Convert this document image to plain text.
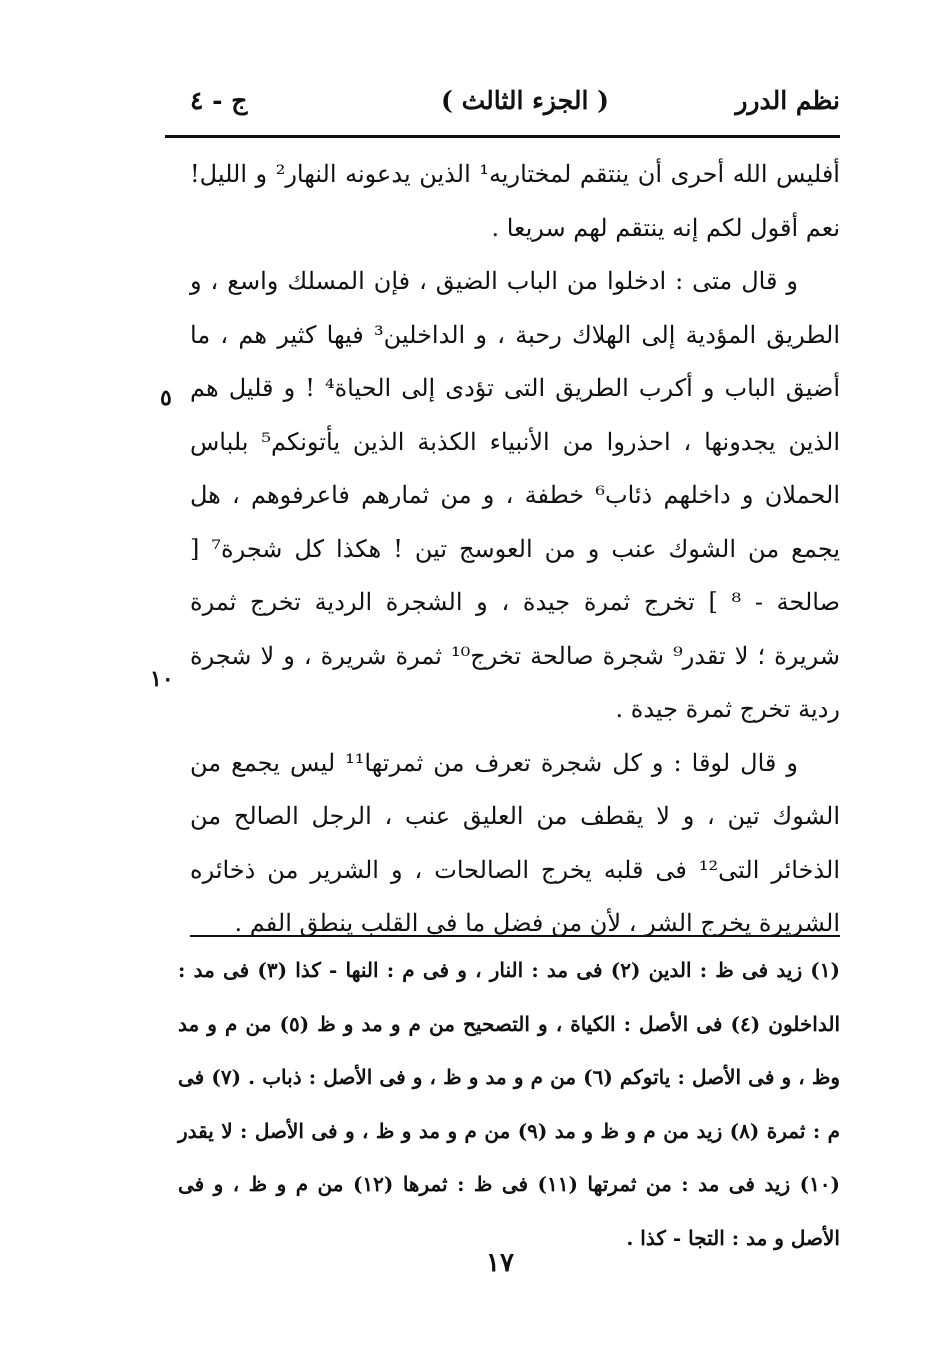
نظم الدرر
( الجزء الثالث )
ج - ٤
٥
١٠

أفليس الله أحرى أن ينتقم لمختاريه¹ الذين يدعونه النهار² و الليل! نعم أقول لكم إنه ينتقم لهم سريعا .

و قال متى : ادخلوا من الباب الضيق ، فإن المسلك واسع ، و الطريق المؤدية إلى الهلاك رحبة ، و الداخلين³ فيها كثير هم ، ما أضيق الباب و أكرب الطريق التى تؤدى إلى الحياة⁴ ! و قليل هم الذين يجدونها ، احذروا من الأنبياء الكذبة الذين يأتونكم⁵ بلباس الحملان و داخلهم ذئاب⁶ خطفة ، و من ثمارهم فاعرفوهم ، هل يجمع من الشوك عنب و من العوسج تين ! هكذا كل شجرة⁷ [ صالحة - ⁸ ] تخرج ثمرة جيدة ، و الشجرة الردية تخرج ثمرة شريرة ؛ لا تقدر⁹ شجرة صالحة تخرج¹⁰ ثمرة شريرة ، و لا شجرة ردية تخرج ثمرة جيدة .

و قال لوقا : و كل شجرة تعرف من ثمرتها¹¹ ليس يجمع من الشوك تين ، و لا يقطف من العليق عنب ، الرجل الصالح من الذخائر التى¹² فى قلبه يخرج الصالحات ، و الشرير من ذخائره الشريرة يخرج الشر ، لأن من فضل ما فى القلب ينطق الفم .

(١) زيد فى ظ : الدين (٢) فى مد : النار ، و فى م : النها - كذا (٣) فى مد : الداخلون (٤) فى الأصل : الكياة ، و التصحيح من م و مد و ظ (٥) من م و مد وظ ، و فى الأصل : ياتوكم (٦) من م و مد و ظ ، و فى الأصل : ذباب . (٧) فى م : ثمرة (٨) زيد من م و ظ و مد (٩) من م و مد و ظ ، و فى الأصل : لا يقدر (١٠) زيد فى مد : من ثمرتها (١١) فى ظ : ثمرها (١٢) من م و ظ ، و فى الأصل و مد : التجا - كذا .

١٧
